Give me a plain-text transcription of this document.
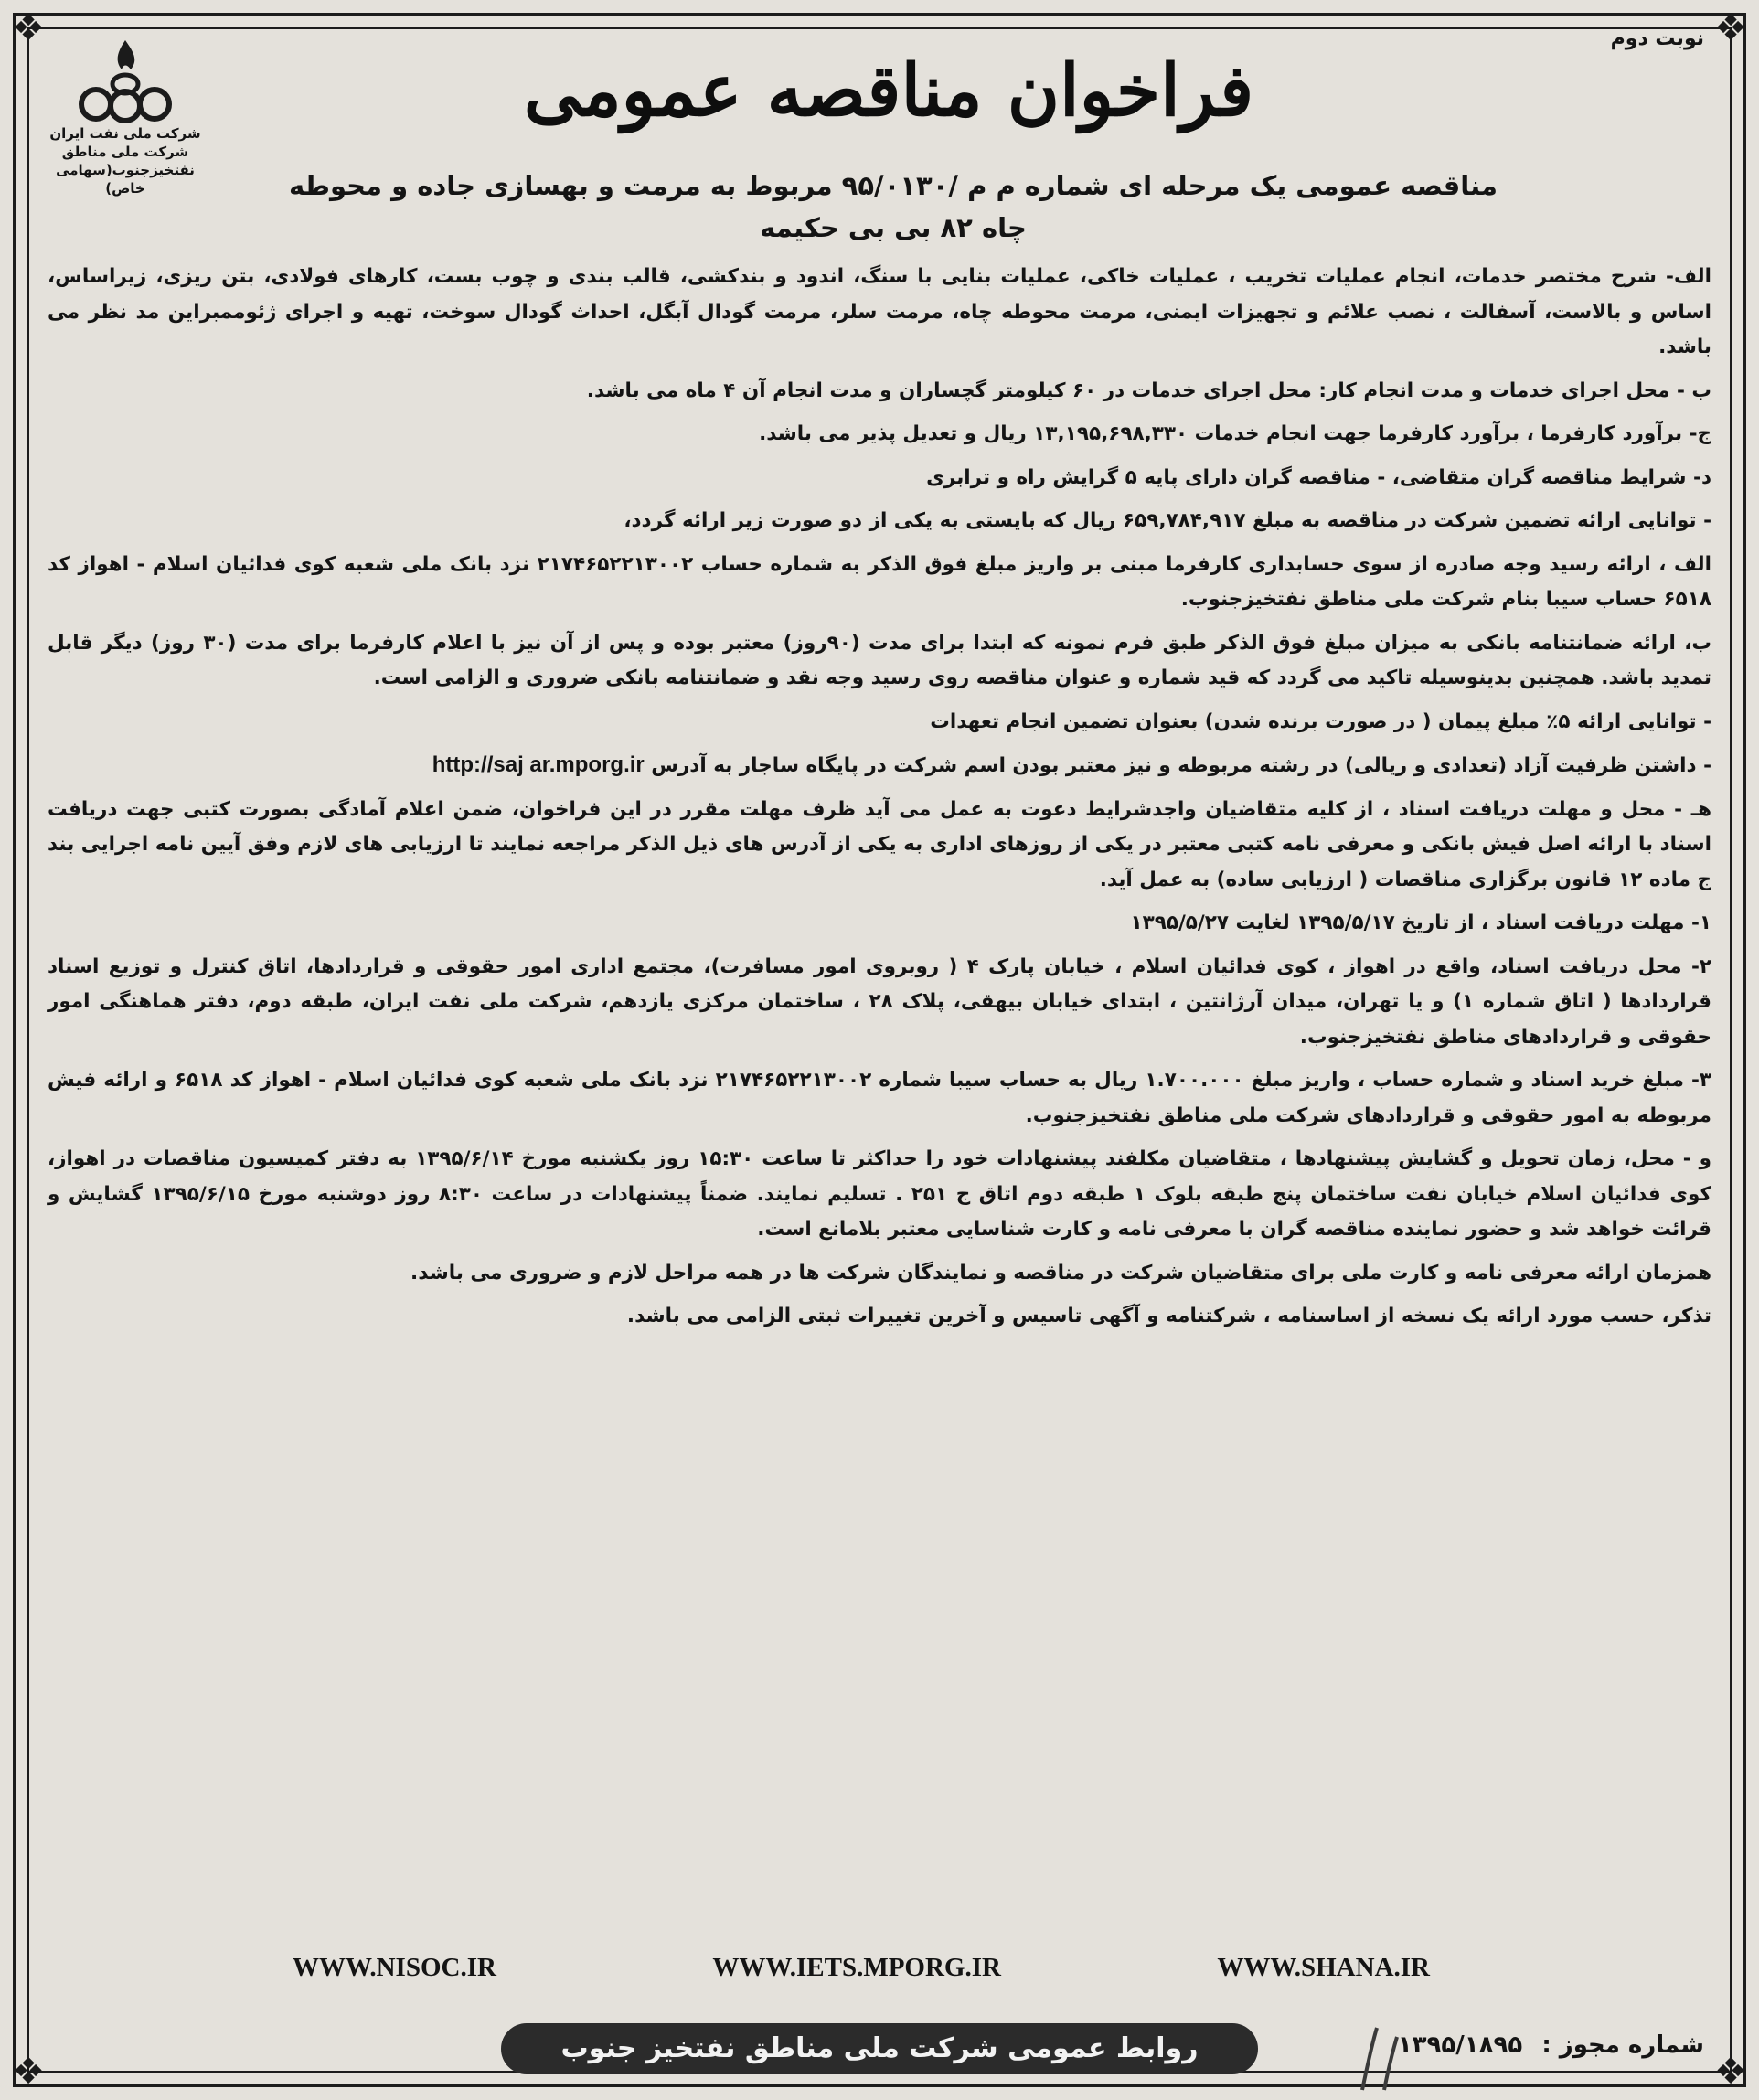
❖	❖
❖	❖
نوبت دوم
شرکت ملی نفت ایران
شرکت ملی مناطق
نفتخیزجنوب(سهامی خاص)
فراخوان مناقصه عمومی
مناقصه عمومی یک مرحله ای شماره م م /۹۵/۰۱۳۰ مربوط به مرمت و بهسازی جاده و محوطه
چاه ۸۲ بی بی حکیمه

الف- شرح مختصر خدمات، انجام عملیات تخریب ، عملیات خاکی، عملیات بنایی با سنگ، اندود و بندکشی، قالب بندی و چوب بست، کارهای فولادی، بتن ریزی، زیراساس، اساس و بالاست، آسفالت ، نصب علائم و تجهیزات ایمنی، مرمت محوطه چاه، مرمت سلر، مرمت گودال آبگل، احداث گودال سوخت، تهیه و اجرای ژئوممبراین مد نظر می باشد.

ب - محل اجرای خدمات و مدت انجام کار: محل اجرای خدمات در ۶۰ کیلومتر گچساران و مدت انجام آن ۴ ماه می باشد.

ج- برآورد کارفرما ، برآورد کارفرما جهت انجام خدمات ۱۳,۱۹۵,۶۹۸,۳۳۰ ریال و تعدیل پذیر می باشد.

د- شرایط مناقصه گران متقاضی، - مناقصه گران دارای پایه ۵ گرایش راه و ترابری

- توانایی ارائه تضمین شرکت در مناقصه به مبلغ ۶۵۹,۷۸۴,۹۱۷ ریال که بایستی به یکی از دو صورت زیر ارائه گردد،

الف ، ارائه رسید وجه صادره از سوی حسابداری کارفرما مبنی بر واریز مبلغ فوق الذکر به شماره حساب ۲۱۷۴۶۵۲۲۱۳۰۰۲ نزد بانک ملی شعبه کوی فدائیان اسلام - اهواز کد ۶۵۱۸ حساب سیبا بنام شرکت ملی مناطق نفتخیزجنوب.

ب، ارائه ضمانتنامه بانکی به میزان مبلغ فوق الذکر طبق فرم نمونه که ابتدا برای مدت (۹۰روز) معتبر بوده و پس از آن نیز با اعلام کارفرما برای مدت (۳۰ روز) دیگر قابل تمدید باشد. همچنین بدینوسیله تاکید می گردد که قید شماره و عنوان مناقصه روی رسید وجه نقد و ضمانتنامه بانکی ضروری و الزامی است.

- توانایی ارائه ۵٪ مبلغ پیمان ( در صورت برنده شدن) بعنوان تضمین انجام تعهدات

- داشتن ظرفیت آزاد (تعدادی و ریالی) در رشته مربوطه و نیز معتبر بودن اسم شرکت در پایگاه ساجار به آدرس http://saj ar.mporg.ir

هـ - محل و مهلت دریافت اسناد ، از کلیه متقاضیان واجدشرایط دعوت به عمل می آید ظرف مهلت مقرر در این فراخوان، ضمن اعلام آمادگی بصورت کتبی جهت دریافت اسناد با ارائه اصل فیش بانکی و معرفی نامه کتبی معتبر در یکی از روزهای اداری به یکی از آدرس های ذیل الذکر مراجعه نمایند تا ارزیابی های لازم وفق آیین نامه اجرایی بند ج ماده ۱۲ قانون برگزاری مناقصات ( ارزیابی ساده) به عمل آید.

۱- مهلت دریافت اسناد ، از تاریخ ۱۳۹۵/۵/۱۷ لغایت ۱۳۹۵/۵/۲۷

۲- محل دریافت اسناد، واقع در اهواز ، کوی فدائیان اسلام ، خیابان پارک ۴ ( روبروی امور مسافرت)، مجتمع اداری امور حقوقی و قراردادها، اتاق کنترل و توزیع اسناد قراردادها ( اتاق شماره ۱) و یا تهران، میدان آرژانتین ، ابتدای خیابان بیهقی، پلاک ۲۸ ، ساختمان مرکزی یازدهم، شرکت ملی نفت ایران، طبقه دوم، دفتر هماهنگی امور حقوقی و قراردادهای مناطق نفتخیزجنوب.

۳- مبلغ خرید اسناد و شماره حساب ، واریز مبلغ ۱.۷۰۰.۰۰۰ ریال به حساب سیبا شماره ۲۱۷۴۶۵۲۲۱۳۰۰۲ نزد بانک ملی شعبه کوی فدائیان اسلام - اهواز کد ۶۵۱۸ و ارائه فیش مربوطه به امور حقوقی و قراردادهای شرکت ملی مناطق نفتخیزجنوب.

و - محل، زمان تحویل و گشایش پیشنهادها ، متقاضیان مکلفند پیشنهادات خود را حداکثر تا ساعت ۱۵:۳۰ روز یکشنبه مورخ ۱۳۹۵/۶/۱۴ به دفتر کمیسیون مناقصات در اهواز، کوی فدائیان اسلام خیابان نفت ساختمان پنج طبقه بلوک ۱ طبقه دوم اتاق ج ۲۵۱ . تسلیم نمایند. ضمناً پیشنهادات در ساعت ۸:۳۰ روز دوشنبه مورخ ۱۳۹۵/۶/۱۵ گشایش و قرائت خواهد شد و حضور نماینده مناقصه گران با معرفی نامه و کارت شناسایی معتبر بلامانع است.

همزمان ارائه معرفی نامه و کارت ملی برای متقاضیان شرکت در مناقصه و نمایندگان شرکت ها در همه مراحل لازم و ضروری می باشد.

تذکر، حسب مورد ارائه یک نسخه از اساسنامه ، شرکتنامه و آگهی تاسیس و آخرین تغییرات ثبتی الزامی می باشد.

WWW.NISOC.IR	WWW.IETS.MPORG.IR	WWW.SHANA.IR
روابط عمومی شرکت ملی مناطق نفتخیز جنوب	شماره مجوز : ۱۳۹۵/۱۸۹۵
